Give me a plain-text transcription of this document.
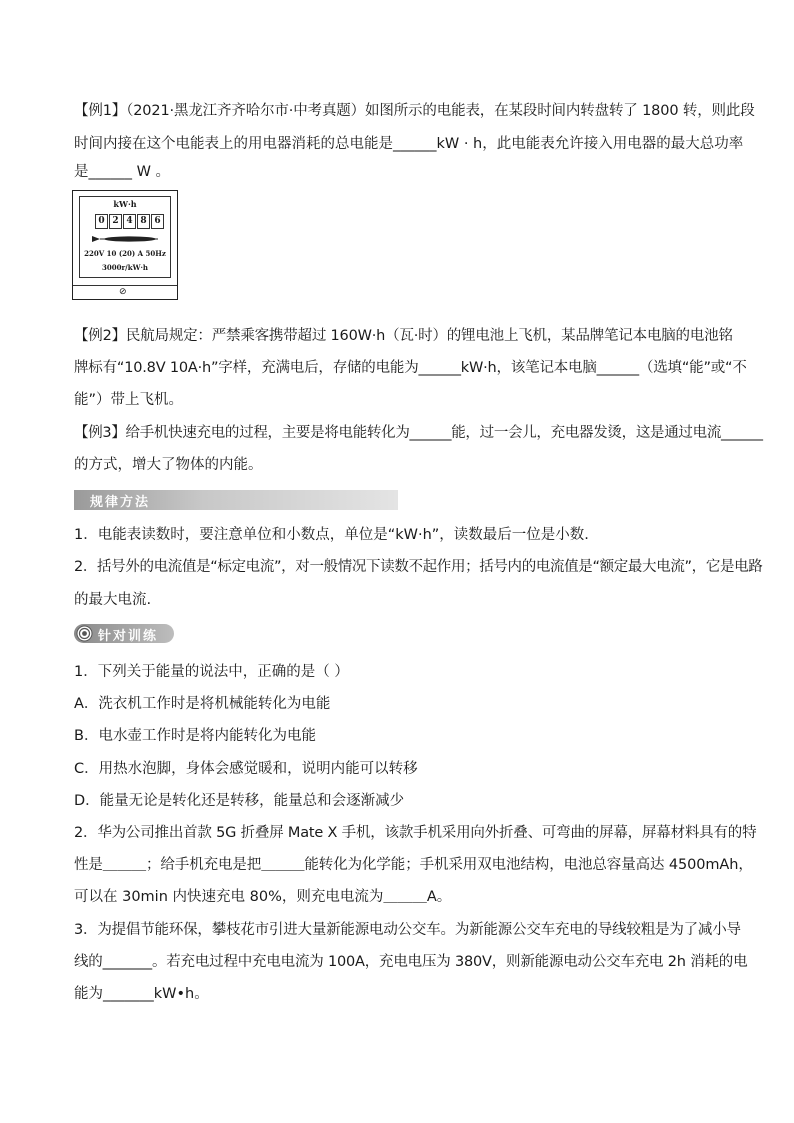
【例1】（2021·黑龙江齐齐哈尔市·中考真题）如图所示的电能表，在某段时间内转盘转了 1800 转，则此段
时间内接在这个电能表上的用电器消耗的总电能是______kW · h，此电能表允许接入用电器的最大总功率
是______ W 。
kW·h
0 2 4 8 6
220V 10 (20) A 50Hz
3000r/kW·h
⊘
【例2】民航局规定：严禁乘客携带超过 160W·h（瓦·时）的锂电池上飞机，某品牌笔记本电脑的电池铭
牌标有“10.8V 10A·h”字样，充满电后，存储的电能为______kW·h，该笔记本电脑______（选填“能”或“不
能”）带上飞机。
【例3】给手机快速充电的过程，主要是将电能转化为______能，过一会儿，充电器发烫，这是通过电流______
的方式，增大了物体的内能。
规律方法
1．电能表读数时，要注意单位和小数点，单位是“kW·h”，读数最后一位是小数.
2．括号外的电流值是“标定电流”，对一般情况下读数不起作用；括号内的电流值是“额定最大电流”，它是电路
的最大电流.
针对训练
1．下列关于能量的说法中，正确的是（ ）
A．洗衣机工作时是将机械能转化为电能
B．电水壶工作时是将内能转化为电能
C．用热水泡脚，身体会感觉暖和，说明内能可以转移
D．能量无论是转化还是转移，能量总和会逐渐减少
2．华为公司推出首款 5G 折叠屏 Mate X 手机，该款手机采用向外折叠、可弯曲的屏幕，屏幕材料具有的特
性是＿＿＿；给手机充电是把＿＿＿能转化为化学能；手机采用双电池结构，电池总容量高达 4500mAh，
可以在 30min 内快速充电 80%，则充电电流为＿＿＿A。
3．为提倡节能环保，攀枝花市引进大量新能源电动公交车。为新能源公交车充电的导线较粗是为了减小导
线的_______。若充电过程中充电电流为 100A，充电电压为 380V，则新能源电动公交车充电 2h 消耗的电
能为_______kW•h。
